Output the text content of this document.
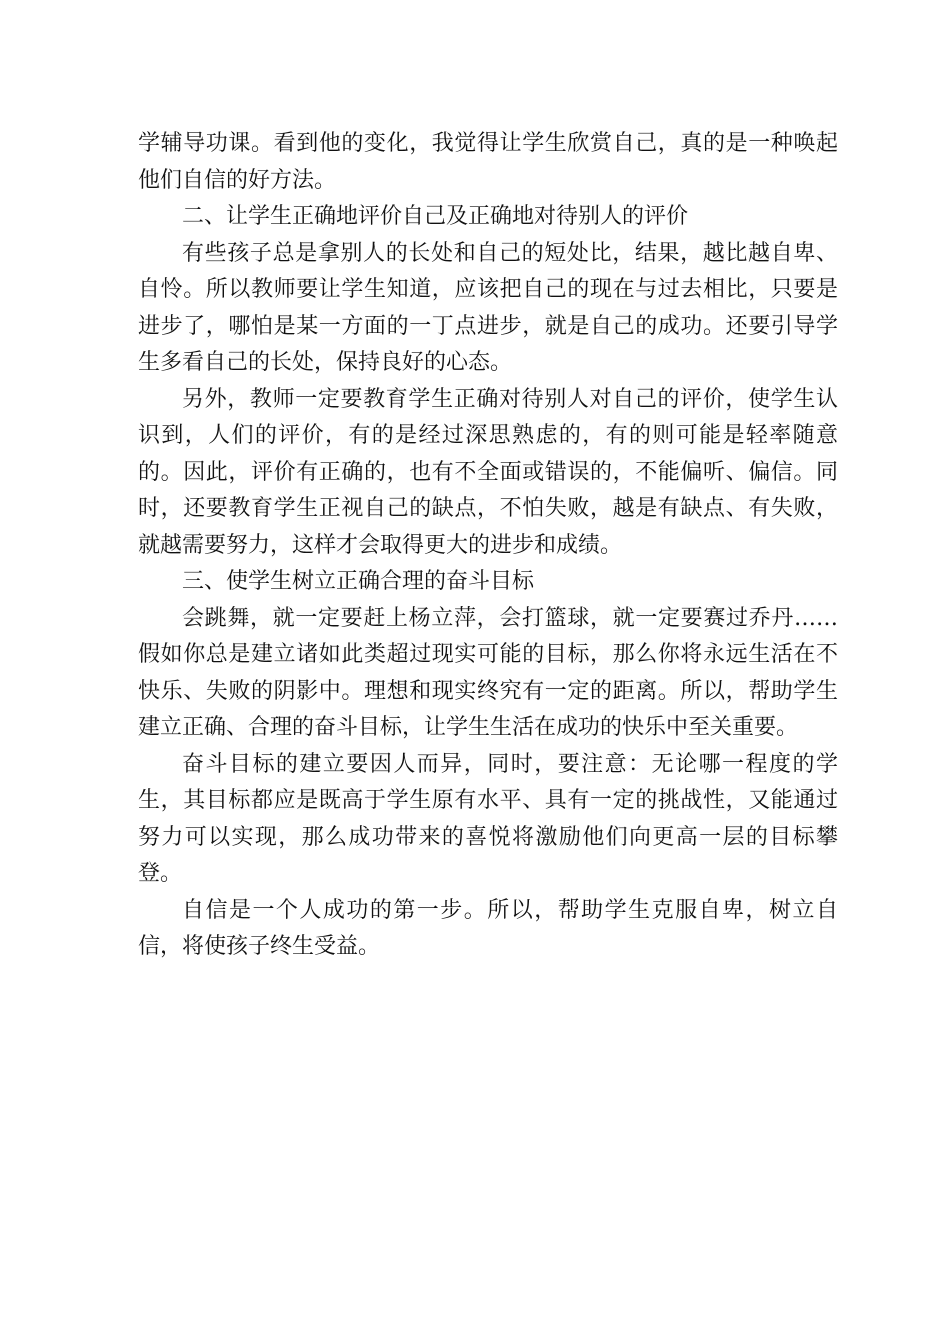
学辅导功课。看到他的变化，我觉得让学生欣赏自己，真的是一种唤起他们自信的好方法。

二、让学生正确地评价自己及正确地对待别人的评价

有些孩子总是拿别人的长处和自己的短处比，结果，越比越自卑、自怜。所以教师要让学生知道，应该把自己的现在与过去相比，只要是进步了，哪怕是某一方面的一丁点进步，就是自己的成功。还要引导学生多看自己的长处，保持良好的心态。

另外，教师一定要教育学生正确对待别人对自己的评价，使学生认识到，人们的评价，有的是经过深思熟虑的，有的则可能是轻率随意的。因此，评价有正确的，也有不全面或错误的，不能偏听、偏信。同时，还要教育学生正视自己的缺点，不怕失败，越是有缺点、有失败，就越需要努力，这样才会取得更大的进步和成绩。

三、使学生树立正确合理的奋斗目标

会跳舞，就一定要赶上杨立萍，会打篮球，就一定要赛过乔丹……假如你总是建立诸如此类超过现实可能的目标，那么你将永远生活在不快乐、失败的阴影中。理想和现实终究有一定的距离。所以，帮助学生建立正确、合理的奋斗目标，让学生生活在成功的快乐中至关重要。

奋斗目标的建立要因人而异，同时，要注意：无论哪一程度的学生，其目标都应是既高于学生原有水平、具有一定的挑战性，又能通过努力可以实现，那么成功带来的喜悦将激励他们向更高一层的目标攀登。

自信是一个人成功的第一步。所以，帮助学生克服自卑，树立自信，将使孩子终生受益。
